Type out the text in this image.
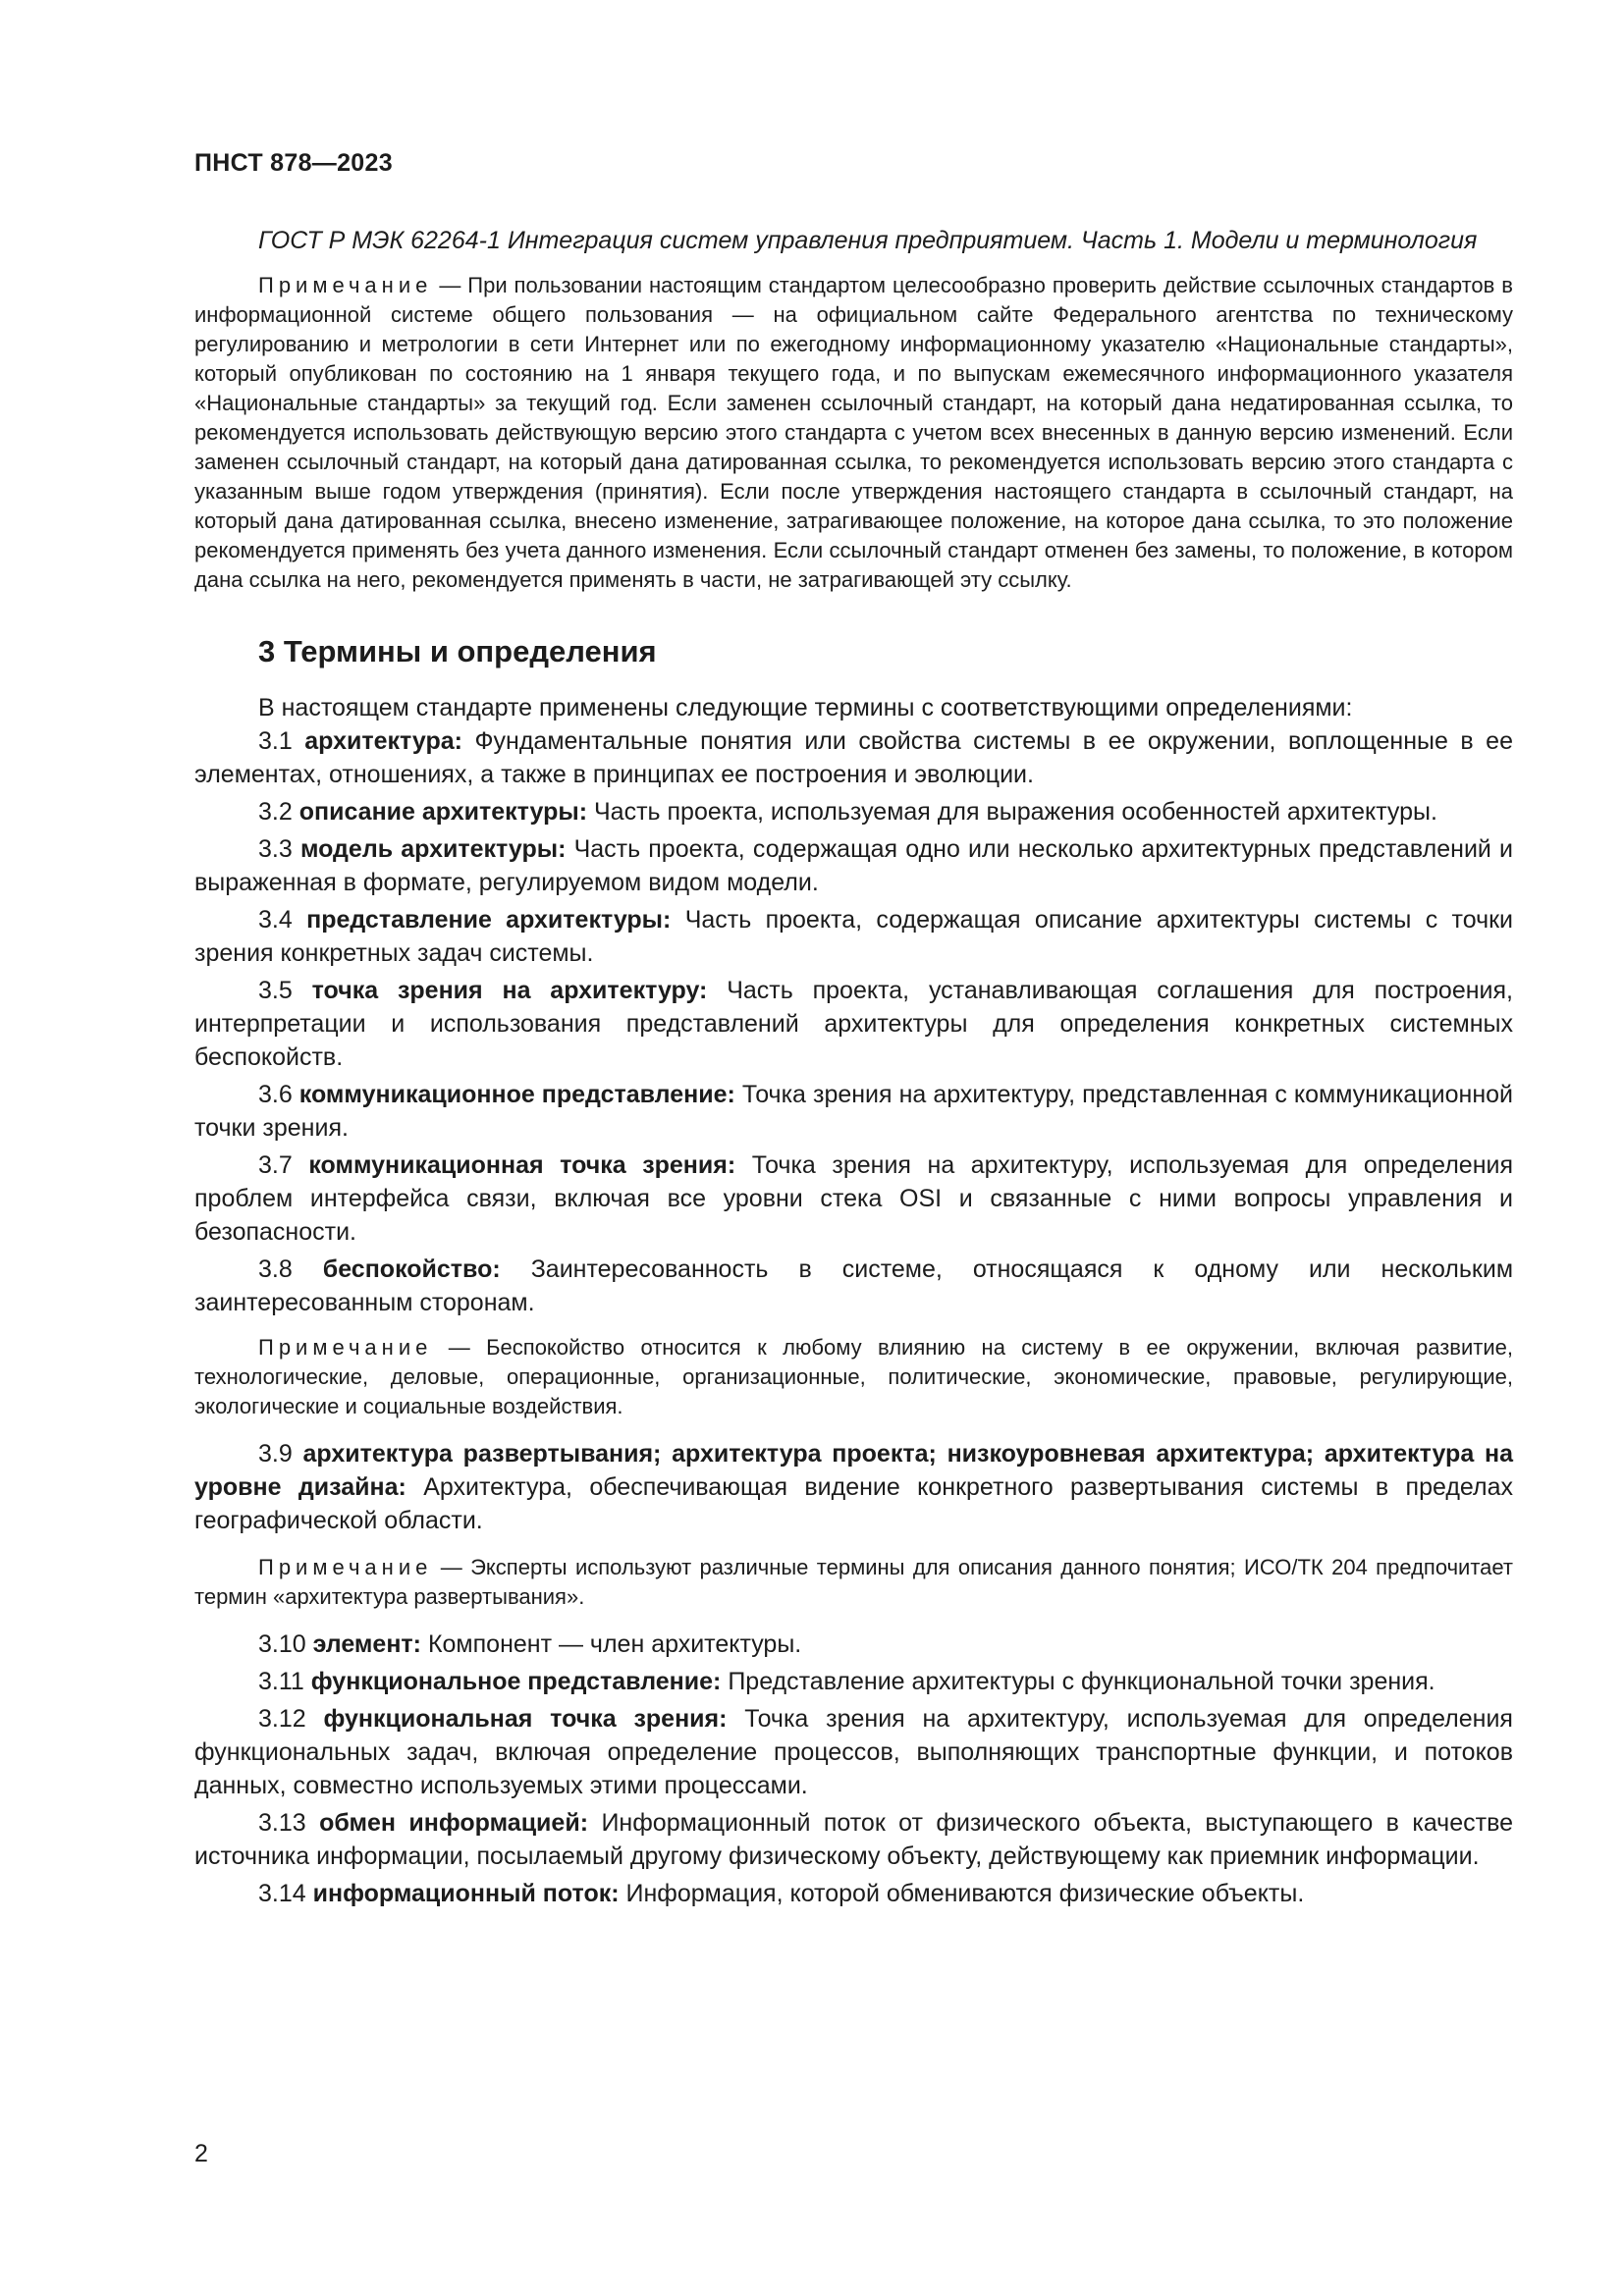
ПНСТ 878—2023

ГОСТ Р МЭК 62264-1 Интеграция систем управления предприятием. Часть 1. Модели и терминология

Примечание — При пользовании настоящим стандартом целесообразно проверить действие ссылочных стандартов в информационной системе общего пользования — на официальном сайте Федерального агентства по техническому регулированию и метрологии в сети Интернет или по ежегодному информационному указателю «Национальные стандарты», который опубликован по состоянию на 1 января текущего года, и по выпускам ежемесячного информационного указателя «Национальные стандарты» за текущий год. Если заменен ссылочный стандарт, на который дана недатированная ссылка, то рекомендуется использовать действующую версию этого стандарта с учетом всех внесенных в данную версию изменений. Если заменен ссылочный стандарт, на который дана датированная ссылка, то рекомендуется использовать версию этого стандарта с указанным выше годом утверждения (принятия). Если после утверждения настоящего стандарта в ссылочный стандарт, на который дана датированная ссылка, внесено изменение, затрагивающее положение, на которое дана ссылка, то это положение рекомендуется применять без учета данного изменения. Если ссылочный стандарт отменен без замены, то положение, в котором дана ссылка на него, рекомендуется применять в части, не затрагивающей эту ссылку.

3 Термины и определения

В настоящем стандарте применены следующие термины с соответствующими определениями:

3.1 архитектура: Фундаментальные понятия или свойства системы в ее окружении, воплощенные в ее элементах, отношениях, а также в принципах ее построения и эволюции.

3.2 описание архитектуры: Часть проекта, используемая для выражения особенностей архитектуры.

3.3 модель архитектуры: Часть проекта, содержащая одно или несколько архитектурных представлений и выраженная в формате, регулируемом видом модели.

3.4 представление архитектуры: Часть проекта, содержащая описание архитектуры системы с точки зрения конкретных задач системы.

3.5 точка зрения на архитектуру: Часть проекта, устанавливающая соглашения для построения, интерпретации и использования представлений архитектуры для определения конкретных системных беспокойств.

3.6 коммуникационное представление: Точка зрения на архитектуру, представленная с коммуникационной точки зрения.

3.7 коммуникационная точка зрения: Точка зрения на архитектуру, используемая для определения проблем интерфейса связи, включая все уровни стека OSI и связанные с ними вопросы управления и безопасности.

3.8 беспокойство: Заинтересованность в системе, относящаяся к одному или нескольким заинтересованным сторонам.

Примечание — Беспокойство относится к любому влиянию на систему в ее окружении, включая развитие, технологические, деловые, операционные, организационные, политические, экономические, правовые, регулирующие, экологические и социальные воздействия.

3.9 архитектура развертывания; архитектура проекта; низкоуровневая архитектура; архитектура на уровне дизайна: Архитектура, обеспечивающая видение конкретного развертывания системы в пределах географической области.

Примечание — Эксперты используют различные термины для описания данного понятия; ИСО/ТК 204 предпочитает термин «архитектура развертывания».

3.10 элемент: Компонент — член архитектуры.

3.11 функциональное представление: Представление архитектуры с функциональной точки зрения.

3.12 функциональная точка зрения: Точка зрения на архитектуру, используемая для определения функциональных задач, включая определение процессов, выполняющих транспортные функции, и потоков данных, совместно используемых этими процессами.

3.13 обмен информацией: Информационный поток от физического объекта, выступающего в качестве источника информации, посылаемый другому физическому объекту, действующему как приемник информации.

3.14 информационный поток: Информация, которой обмениваются физические объекты.

2
